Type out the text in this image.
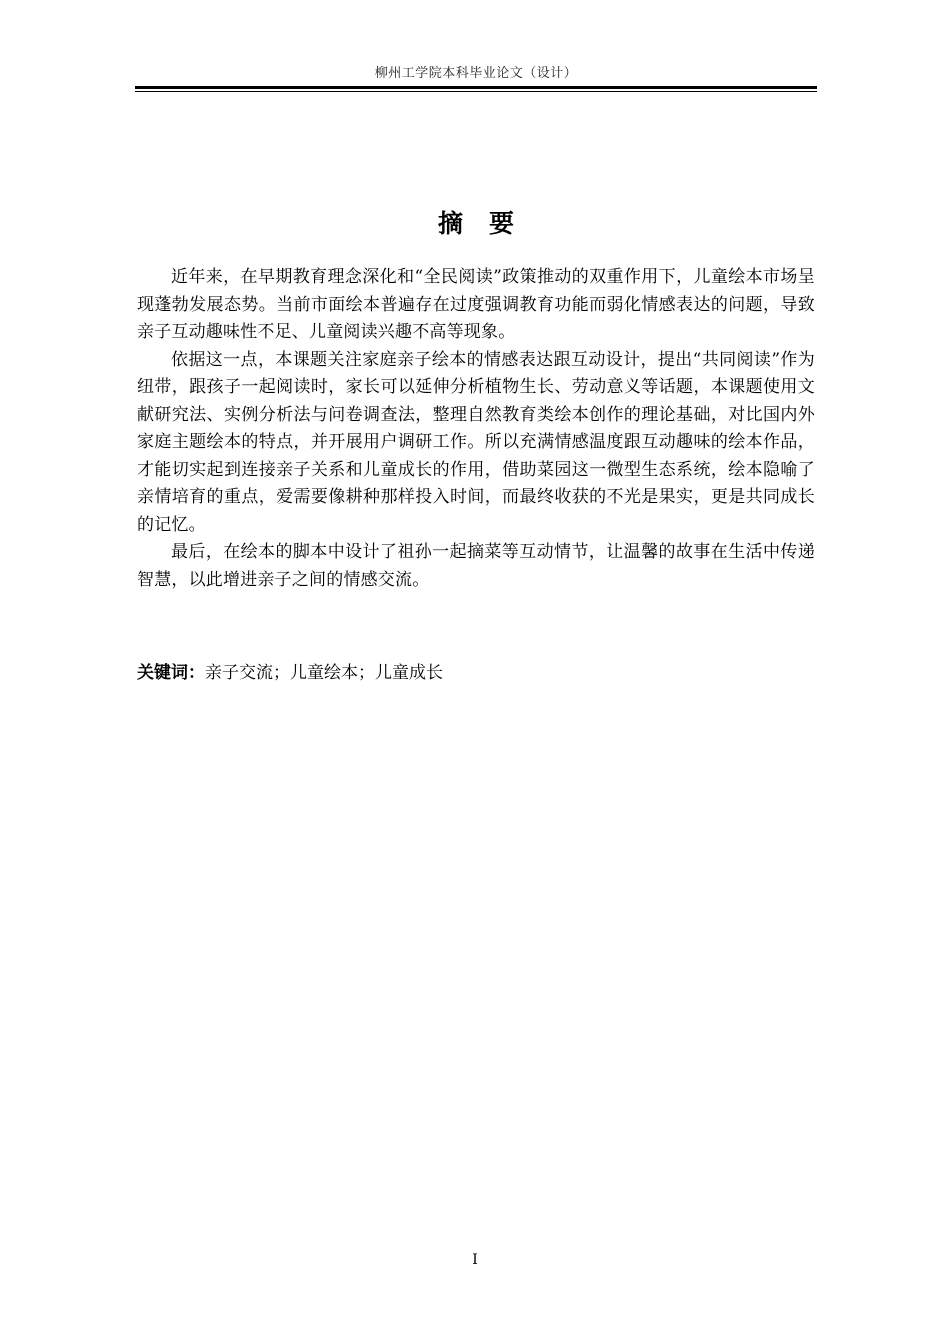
柳州工学院本科毕业论文（设计）
摘要

近年来，在早期教育理念深化和“全民阅读”政策推动的双重作用下，儿童绘本市场呈现蓬勃发展态势。当前市面绘本普遍存在过度强调教育功能而弱化情感表达的问题，导致亲子互动趣味性不足、儿童阅读兴趣不高等现象。

依据这一点，本课题关注家庭亲子绘本的情感表达跟互动设计，提出“共同阅读”作为纽带，跟孩子一起阅读时，家长可以延伸分析植物生长、劳动意义等话题，本课题使用文献研究法、实例分析法与问卷调查法，整理自然教育类绘本创作的理论基础，对比国内外家庭主题绘本的特点，并开展用户调研工作。所以充满情感温度跟互动趣味的绘本作品，才能切实起到连接亲子关系和儿童成长的作用，借助菜园这一微型生态系统，绘本隐喻了亲情培育的重点，爱需要像耕种那样投入时间，而最终收获的不光是果实，更是共同成长的记忆。

最后，在绘本的脚本中设计了祖孙一起摘菜等互动情节，让温馨的故事在生活中传递智慧，以此增进亲子之间的情感交流。

关键词：亲子交流；儿童绘本；儿童成长
I
